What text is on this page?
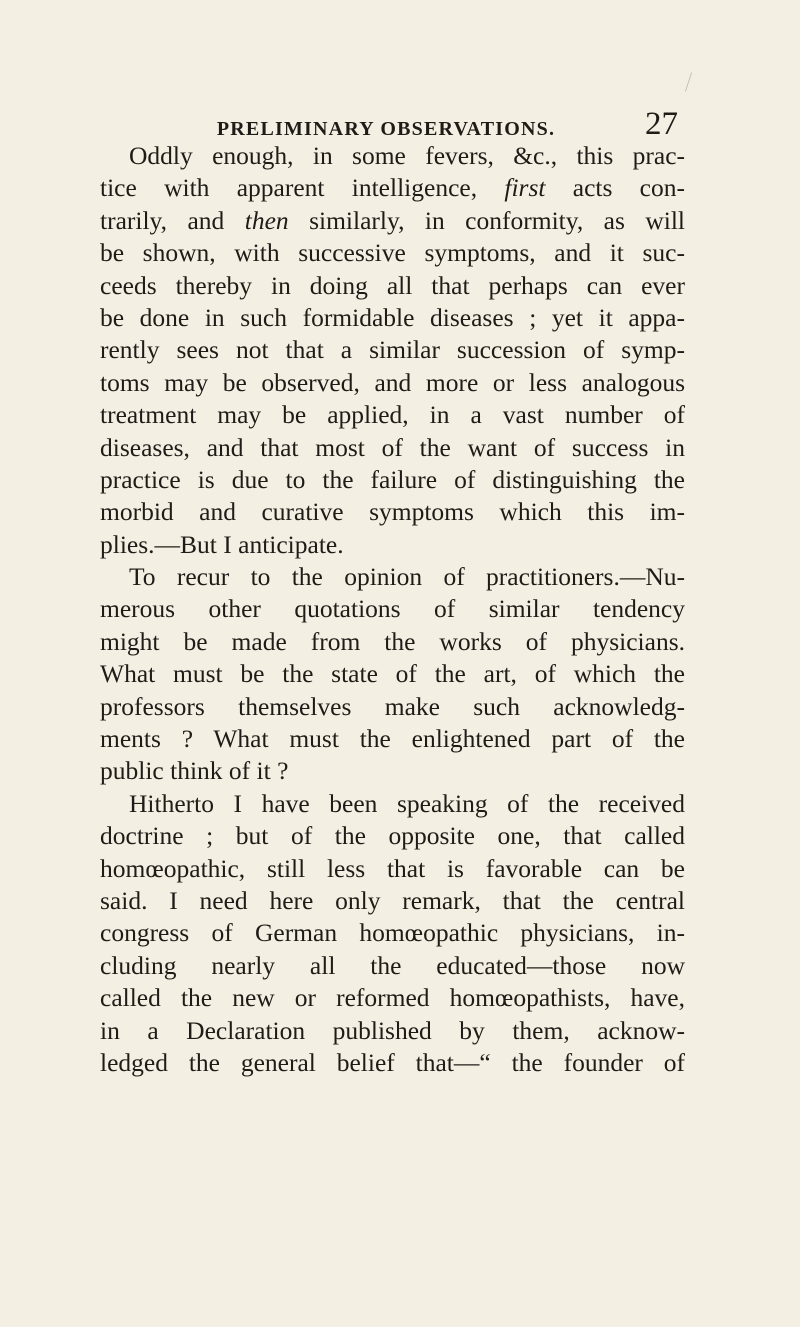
PRELIMINARY OBSERVATIONS.	27
Oddly enough, in some fevers, &c., this prac-
tice with apparent intelligence, first acts con-
trarily, and then similarly, in conformity, as will
be shown, with successive symptoms, and it suc-
ceeds thereby in doing all that perhaps can ever
be done in such formidable diseases ; yet it appa-
rently sees not that a similar succession of symp-
toms may be observed, and more or less analogous
treatment may be applied, in a vast number of
diseases, and that most of the want of success in
practice is due to the failure of distinguishing the
morbid and curative symptoms which this im-
plies.—But I anticipate.
To recur to the opinion of practitioners.—Nu-
merous other quotations of similar tendency
might be made from the works of physicians.
What must be the state of the art, of which the
professors themselves make such acknowledg-
ments ? What must the enlightened part of the
public think of it ?
Hitherto I have been speaking of the received
doctrine ; but of the opposite one, that called
homœopathic, still less that is favorable can be
said. I need here only remark, that the central
congress of German homœopathic physicians, in-
cluding nearly all the educated—those now
called the new or reformed homœopathists, have,
in a Declaration published by them, acknow-
ledged the general belief that—“ the founder of
